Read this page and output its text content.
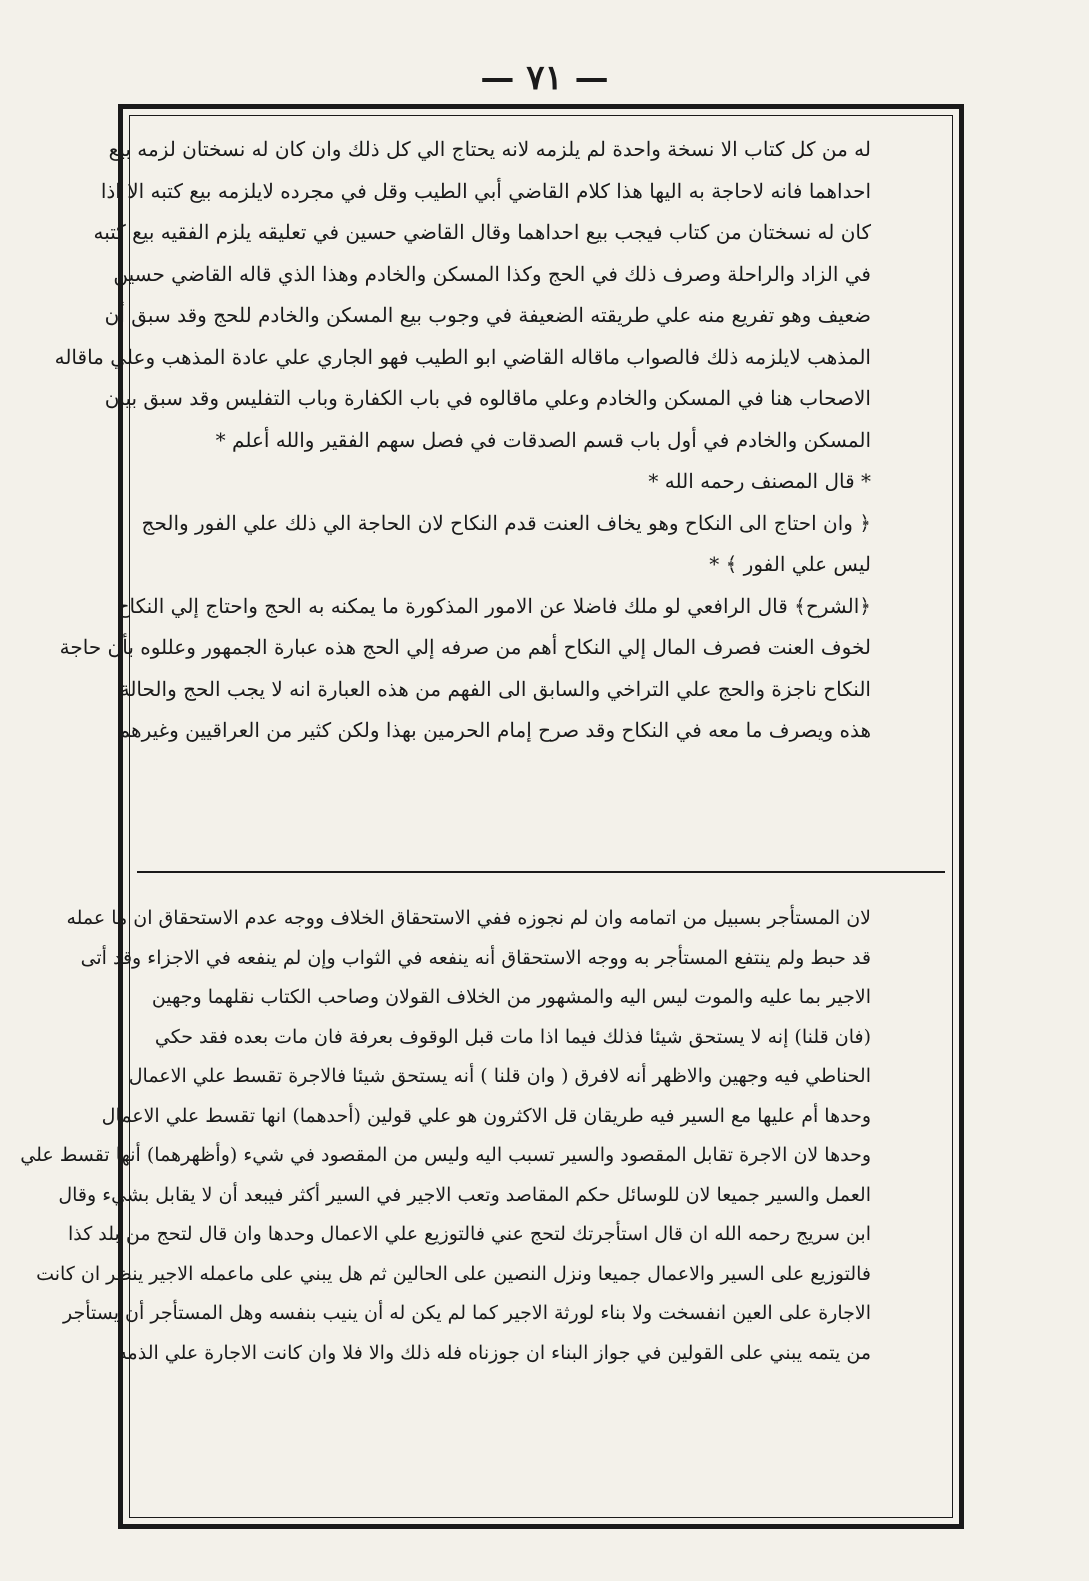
— ٧١ —
له من كل كتاب الا نسخة واحدة لم يلزمه لانه يحتاج الي كل ذلك وان كان له نسختان لزمه بيع
احداهما فانه لاحاجة به اليها هذا كلام القاضي أبي الطيب وقل في مجرده لايلزمه بيع كتبه الا اذا
كان له نسختان من كتاب فيجب بيع احداهما وقال القاضي حسين في تعليقه يلزم الفقيه بيع كتبه
في الزاد والراحلة وصرف ذلك في الحج وكذا المسكن والخادم وهذا الذي قاله القاضي حسين
ضعيف وهو تفريع منه علي طريقته الضعيفة في وجوب بيع المسكن والخادم للحج وقد سبق أن
المذهب لايلزمه ذلك فالصواب ماقاله القاضي ابو الطيب فهو الجاري علي عادة المذهب وعلي ماقاله
الاصحاب هنا في المسكن والخادم وعلي ماقالوه في باب الكفارة وباب التفليس وقد سبق بيان
المسكن والخادم في أول باب قسم الصدقات في فصل سهم الفقير والله أعلم *
* قال المصنف رحمه الله *
﴿ وان احتاج الى النكاح وهو يخاف العنت قدم النكاح لان الحاجة الي ذلك علي الفور والحج
ليس علي الفور ﴾ *
﴿الشرح﴾ قال الرافعي لو ملك فاضلا عن الامور المذكورة ما يمكنه به الحج واحتاج إلي النكاح
لخوف العنت فصرف المال إلي النكاح أهم من صرفه إلي الحج هذه عبارة الجمهور وعللوه بأن حاجة
النكاح ناجزة والحج علي التراخي والسابق الى الفهم من هذه العبارة انه لا يجب الحج والحالة
هذه ويصرف ما معه في النكاح وقد صرح إمام الحرمين بهذا ولكن كثير من العراقيين وغيرهم
لان المستأجر بسبيل من اتمامه وان لم نجوزه ففي الاستحقاق الخلاف ووجه عدم الاستحقاق ان ما عمله
قد حبط ولم ينتفع المستأجر به ووجه الاستحقاق أنه ينفعه في الثواب وإن لم ينفعه في الاجزاء وقد أتى
الاجير بما عليه والموت ليس اليه والمشهور من الخلاف القولان وصاحب الكتاب نقلهما وجهين
(فان قلنا) إنه لا يستحق شيئا فذلك فيما اذا مات قبل الوقوف بعرفة فان مات بعده فقد حكي
الحناطي فيه وجهين والاظهر أنه لافرق ( وان قلنا ) أنه يستحق شيئا فالاجرة تقسط علي الاعمال
وحدها أم عليها مع السير فيه طريقان قل الاكثرون هو علي قولين (أحدهما) انها تقسط علي الاعمال
وحدها لان الاجرة تقابل المقصود والسير تسبب اليه وليس من المقصود في شيء (وأظهرهما) أنها تقسط علي
العمل والسير جميعا لان للوسائل حكم المقاصد وتعب الاجير في السير أكثر فيبعد أن لا يقابل بشيء وقال
ابن سريج رحمه الله ان قال استأجرتك لتحج عني فالتوزيع علي الاعمال وحدها وان قال لتحج من بلد كذا
فالتوزيع على السير والاعمال جميعا ونزل النصين على الحالين ثم هل يبني على ماعمله الاجير ينظر ان كانت
الاجارة على العين انفسخت ولا بناء لورثة الاجير كما لم يكن له أن ينيب بنفسه وهل المستأجر أن يستأجر
من يتمه يبني على القولين في جواز البناء ان جوزناه فله ذلك والا فلا وان كانت الاجارة علي الذمه
